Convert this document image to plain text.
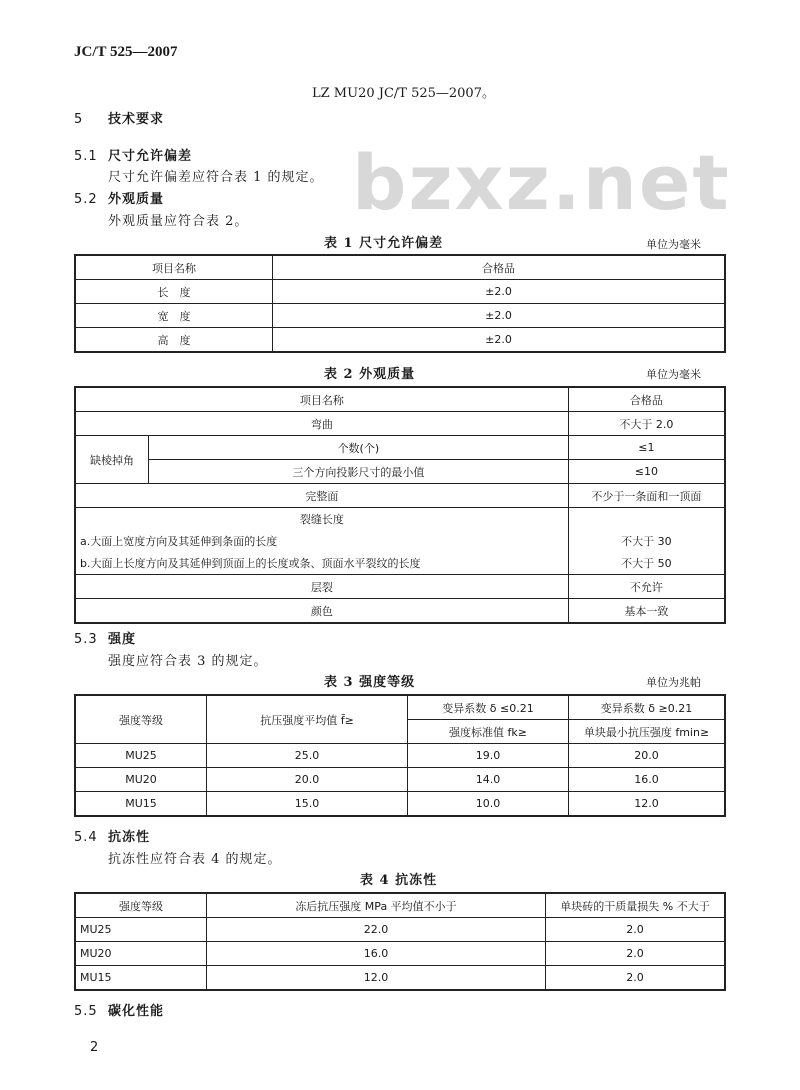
JC/T 525—2007
LZ MU20 JC/T 525—2007。
bzxz.net
5 技术要求
5.1 尺寸允许偏差
尺寸允许偏差应符合表 1 的规定。
5.2 外观质量
外观质量应符合表 2。
表 1 尺寸允许偏差	单位为毫米
项目名称	合格品
长　度	±2.0
宽　度	±2.0
高　度	±2.0
表 2 外观质量	单位为毫米
项目名称		合格品
弯曲		不大于 2.0
缺棱掉角	个数(个)	≤1
	三个方向投影尺寸的最小值	≤10
完整面		不少于一条面和一顶面
裂缝长度		
a.大面上宽度方向及其延伸到条面的长度		不大于 30
b.大面上长度方向及其延伸到顶面上的长度或条、顶面水平裂纹的长度		不大于 50
层裂		不允许
颜色		基本一致
5.3 强度
强度应符合表 3 的规定。
表 3 强度等级	单位为兆帕
强度等级	抗压强度平均值 f̄≥	变异系数 δ ≤0.21	变异系数 δ ≥0.21
		强度标准值 fk≥	单块最小抗压强度 fmin≥
MU25	25.0	19.0	20.0
MU20	20.0	14.0	16.0
MU15	15.0	10.0	12.0
5.4 抗冻性
抗冻性应符合表 4 的规定。
表 4 抗冻性
强度等级	冻后抗压强度 MPa 平均值不小于	单块砖的干质量损失 % 不大于
MU25	22.0	2.0
MU20	16.0	2.0
MU15	12.0	2.0
5.5 碳化性能
2
